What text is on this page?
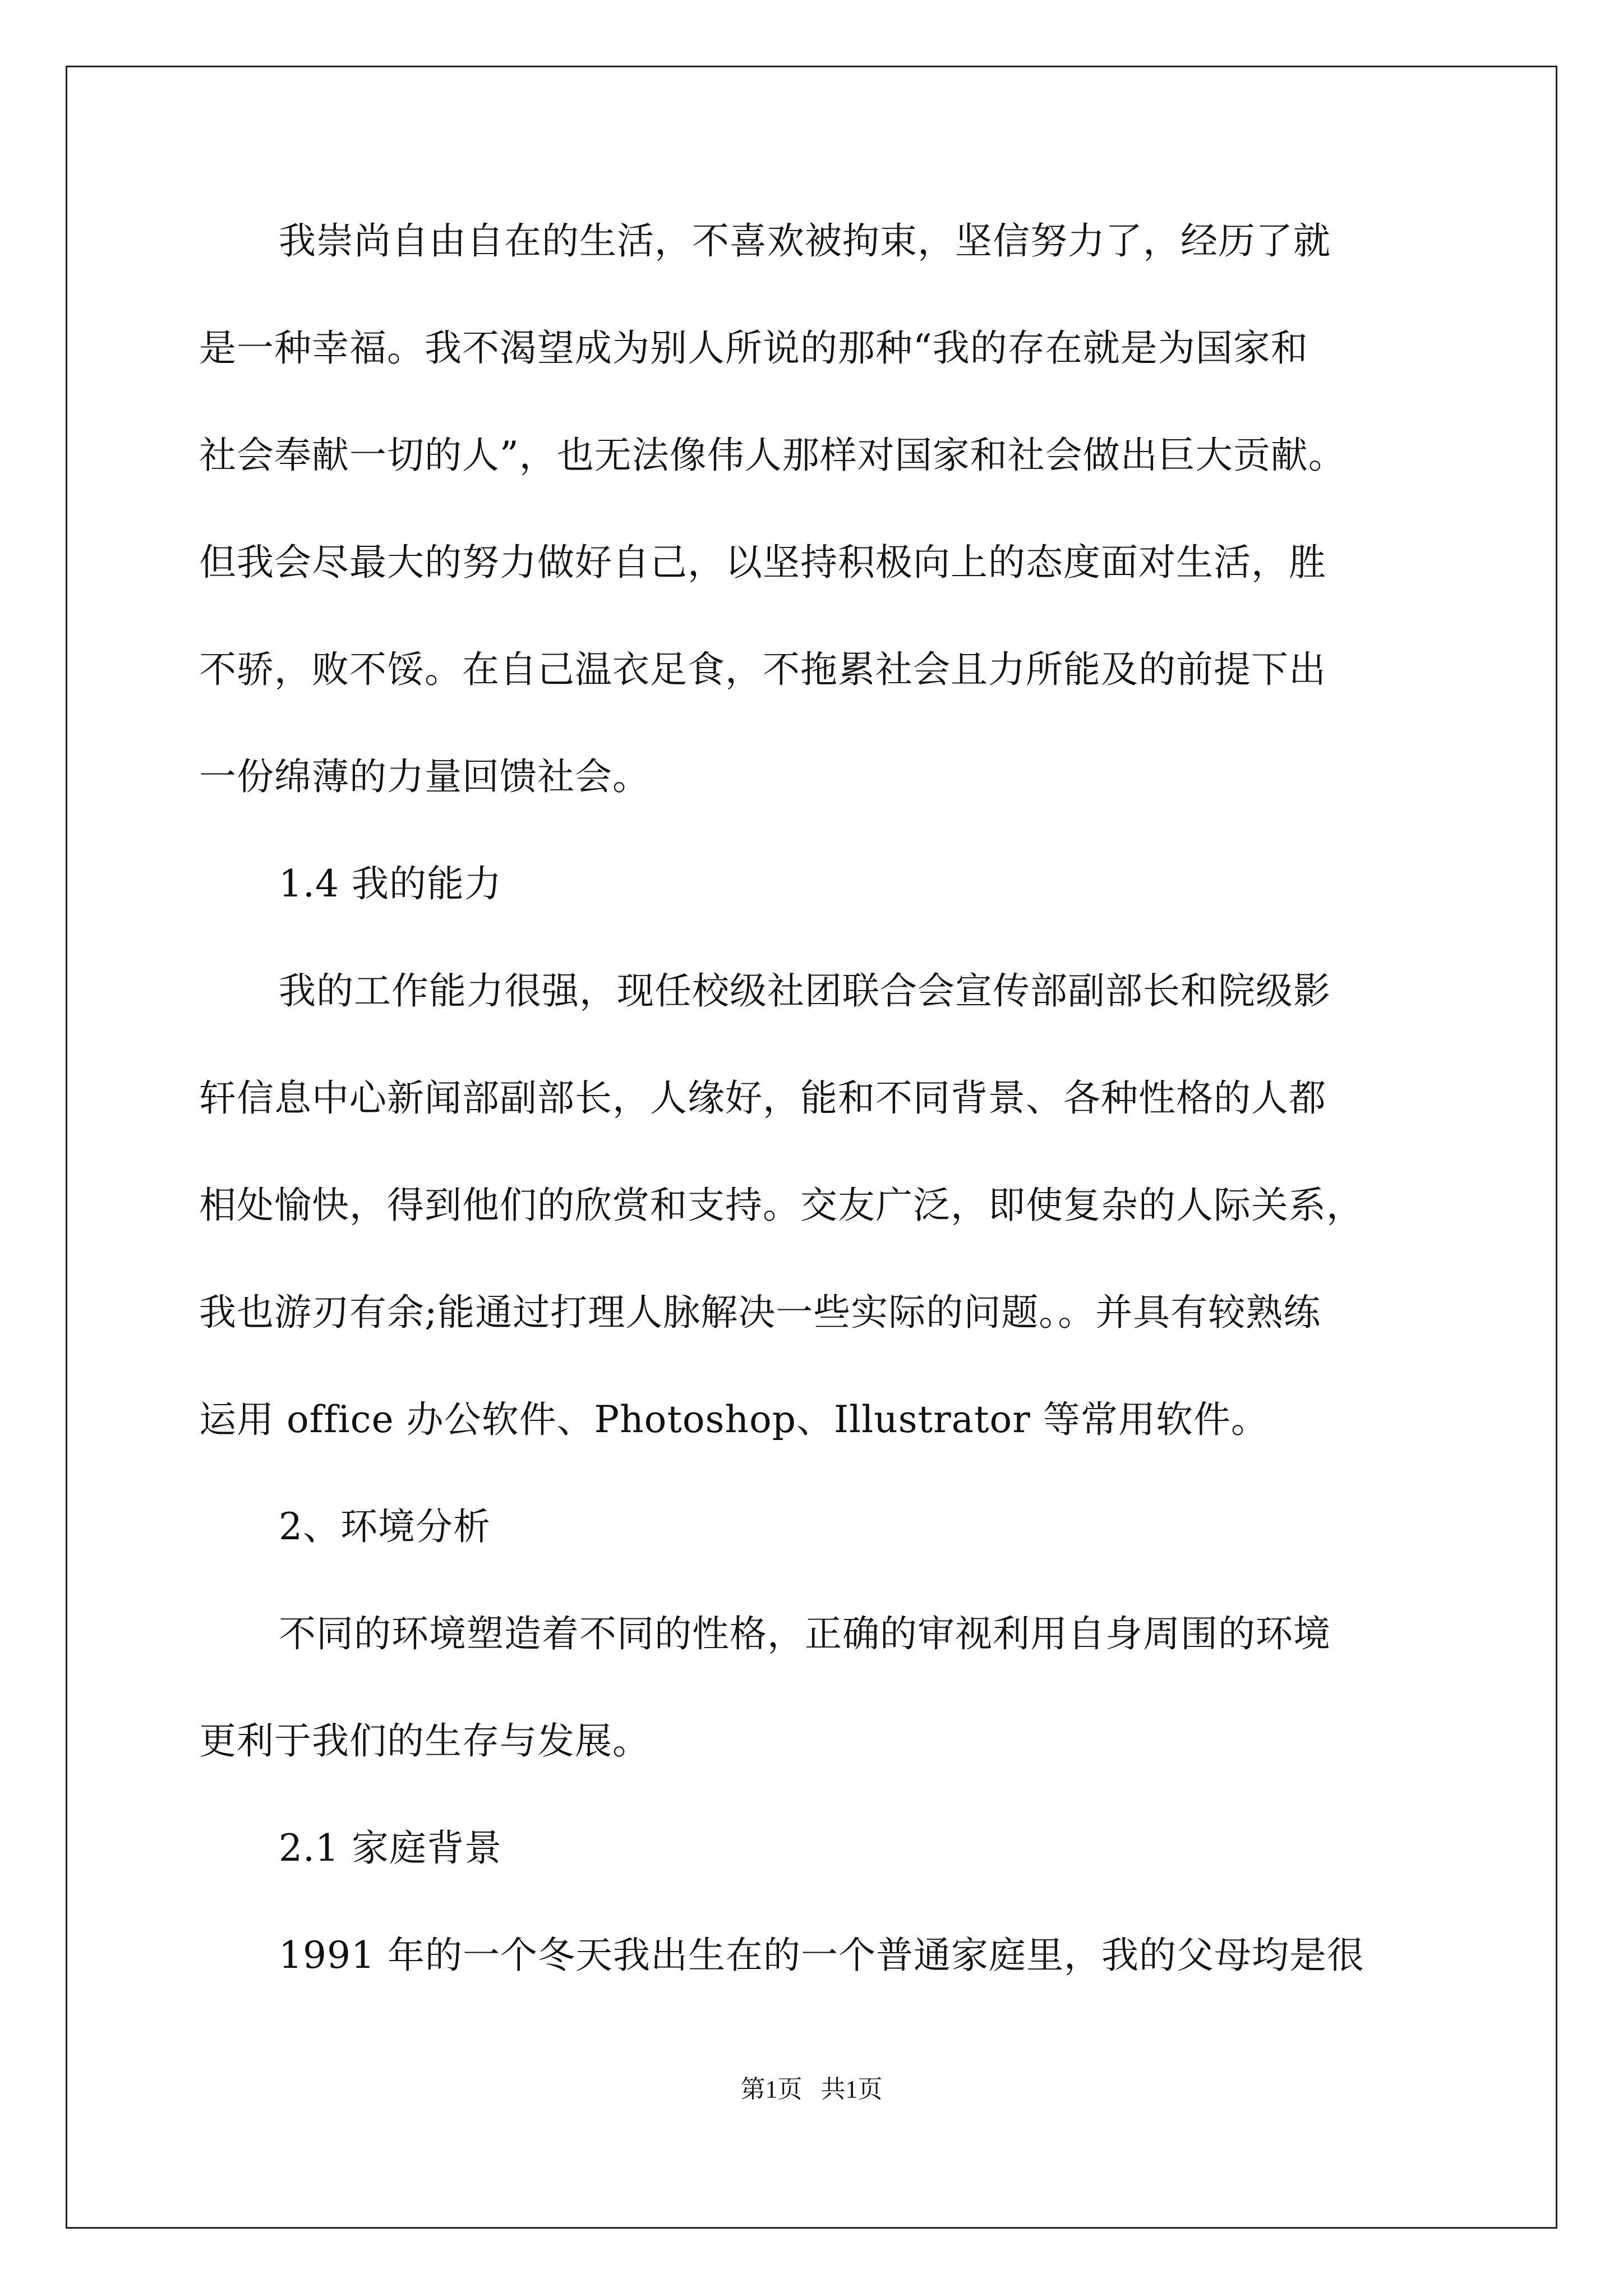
我崇尚自由自在的生活，不喜欢被拘束，坚信努力了，经历了就
是一种幸福。我不渴望成为别人所说的那种“我的存在就是为国家和
社会奉献一切的人”，也无法像伟人那样对国家和社会做出巨大贡献。
但我会尽最大的努力做好自己，以坚持积极向上的态度面对生活，胜
不骄，败不馁。在自己温衣足食，不拖累社会且力所能及的前提下出
一份绵薄的力量回馈社会。
1.4 我的能力
我的工作能力很强，现任校级社团联合会宣传部副部长和院级影
轩信息中心新闻部副部长，人缘好，能和不同背景、各种性格的人都
相处愉快，得到他们的欣赏和支持。交友广泛，即使复杂的人际关系，
我也游刃有余;能通过打理人脉解决一些实际的问题。。并具有较熟练
运用 office 办公软件、Photoshop、Illustrator 等常用软件。
2、环境分析
不同的环境塑造着不同的性格，正确的审视利用自身周围的环境
更利于我们的生存与发展。
2.1 家庭背景
1991 年的一个冬天我出生在的一个普通家庭里，我的父母均是很
第1页   共1页
